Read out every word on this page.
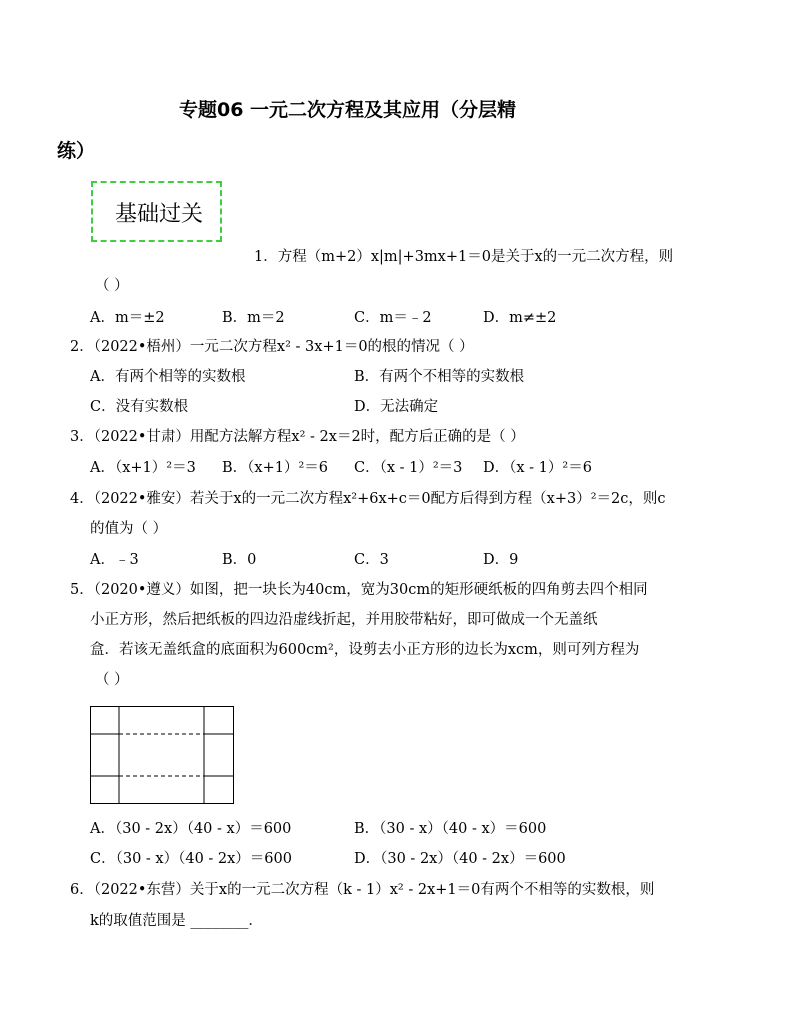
专题06 一元二次方程及其应用（分层精
练）
基础过关
1．方程（m+2）x|m|+3mx+1＝0是关于x的一元二次方程，则
（ ）
A．m＝±2	B．m＝2	C．m＝﹣2	D．m≠±2
2．（2022•梧州）一元二次方程x² - 3x+1＝0的根的情况（ ）
A．有两个相等的实数根	B．有两个不相等的实数根
C．没有实数根	D．无法确定
3．（2022•甘肃）用配方法解方程x² - 2x＝2时，配方后正确的是（ ）
A．（x+1）²＝3 B．（x+1）²＝6 C．（x - 1）²＝3 D．（x - 1）²＝6
4．（2022•雅安）若关于x的一元二次方程x²+6x+c＝0配方后得到方程（x+3）²＝2c，则c
的值为（ ）
A．﹣3	B．0	C．3	D．9
5．（2020•遵义）如图，把一块长为40cm，宽为30cm的矩形硬纸板的四角剪去四个相同
小正方形，然后把纸板的四边沿虚线折起，并用胶带粘好，即可做成一个无盖纸
盒．若该无盖纸盒的底面积为600cm²，设剪去小正方形的边长为xcm，则可列方程为
（ ）
A．（30 - 2x）（40 - x）＝600	B．（30 - x）（40 - x）＝600
C．（30 - x）（40 - 2x）＝600	D．（30 - 2x）（40 - 2x）＝600
6．（2022•东营）关于x的一元二次方程（k - 1）x² - 2x+1＝0有两个不相等的实数根，则
k的取值范围是 ________．
